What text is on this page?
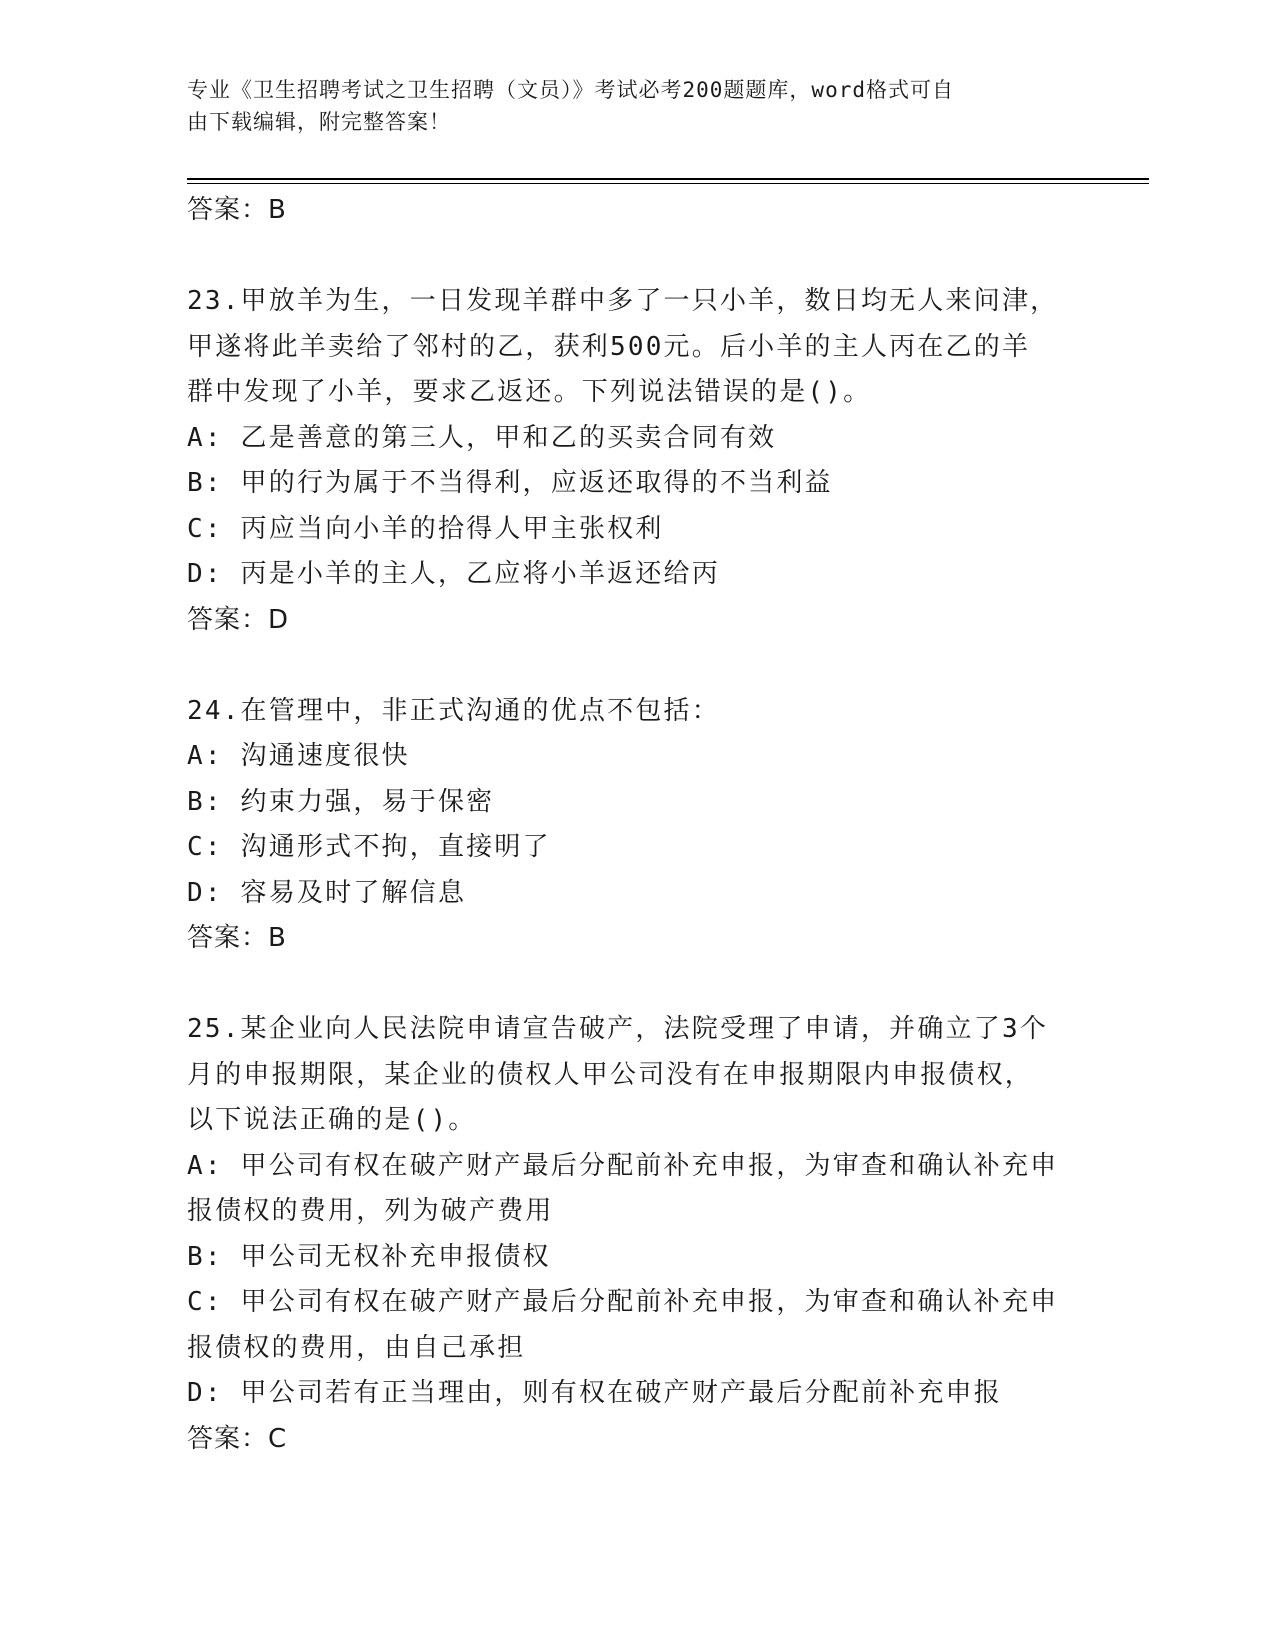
专业《卫生招聘考试之卫生招聘（文员）》考试必考200题题库，word格式可自
由下载编辑，附完整答案！

答案：B

23.甲放羊为生，一日发现羊群中多了一只小羊，数日均无人来问津，

甲遂将此羊卖给了邻村的乙，获利500元。后小羊的主人丙在乙的羊

群中发现了小羊，要求乙返还。下列说法错误的是()。

A: 乙是善意的第三人，甲和乙的买卖合同有效

B: 甲的行为属于不当得利，应返还取得的不当利益

C: 丙应当向小羊的拾得人甲主张权利

D: 丙是小羊的主人，乙应将小羊返还给丙

答案：D

24.在管理中，非正式沟通的优点不包括：

A: 沟通速度很快

B: 约束力强，易于保密

C: 沟通形式不拘，直接明了

D: 容易及时了解信息

答案：B

25.某企业向人民法院申请宣告破产，法院受理了申请，并确立了3个

月的申报期限，某企业的债权人甲公司没有在申报期限内申报债权，

以下说法正确的是()。

A: 甲公司有权在破产财产最后分配前补充申报，为审查和确认补充申

报债权的费用，列为破产费用

B: 甲公司无权补充申报债权

C: 甲公司有权在破产财产最后分配前补充申报，为审查和确认补充申

报债权的费用，由自己承担

D: 甲公司若有正当理由，则有权在破产财产最后分配前补充申报

答案：C
